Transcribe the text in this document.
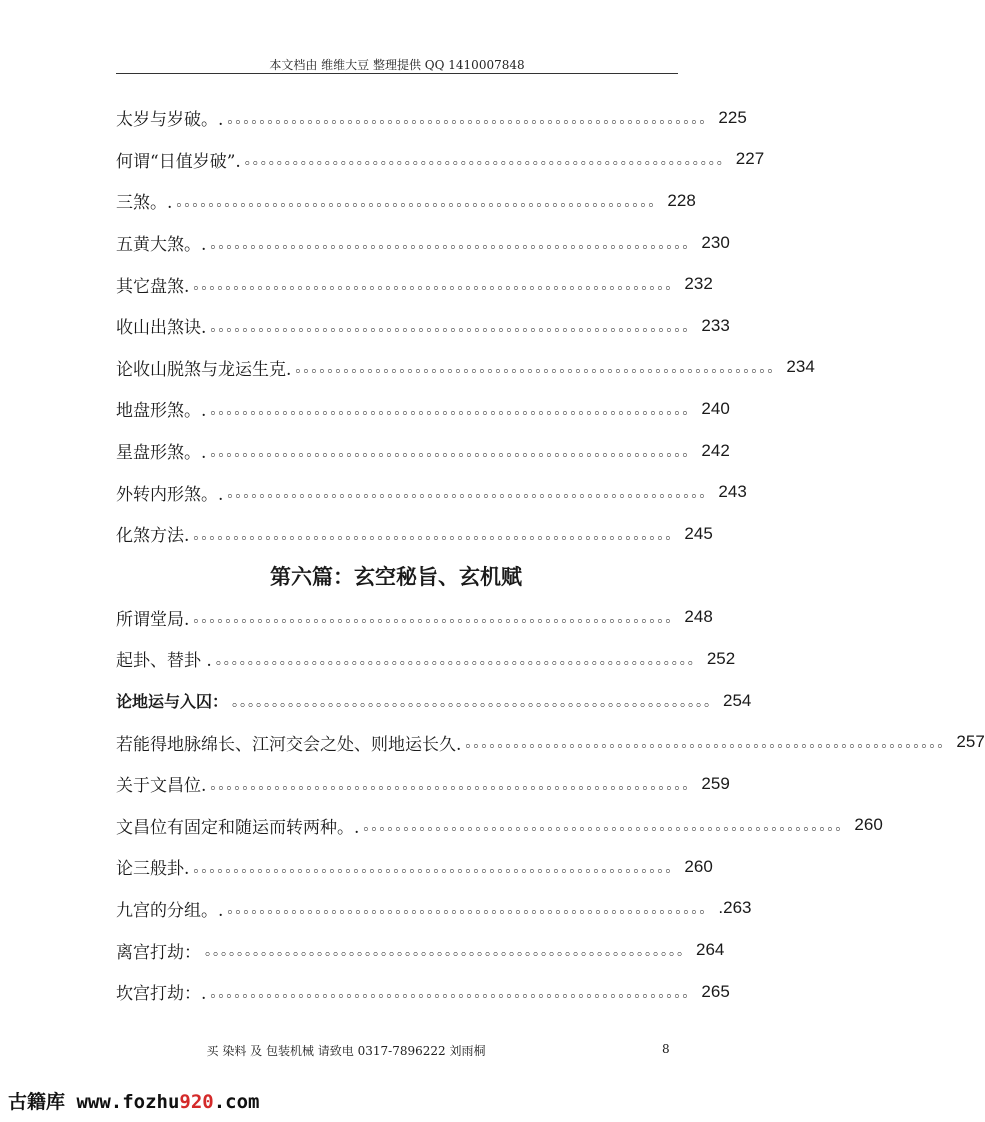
本文档由 维维大豆 整理提供 QQ 1410007848
太岁与岁破。. 。。。。。。。。。。。。。。。。。。。。。。。。。。。。。。。。。。。。。。。。。。。。。。。。。。。。。。。。。。。。 225
何谓“日值岁破”. 。。。。。。。。。。。。。。。。。。。。。。。。。。。。。。。。。。。。。。。。。。。。。。。。。。。。。。。。。。。。 227
三煞。. 。。。。。。。。。。。。。。。。。。。。。。。。。。。。。。。。。。。。。。。。。。。。。。。。。。。。。。。。。。。。 228
五黄大煞。. 。。。。。。。。。。。。。。。。。。。。。。。。。。。。。。。。。。。。。。。。。。。。。。。。。。。。。。。。。。。。 230
其它盘煞. 。。。。。。。。。。。。。。。。。。。。。。。。。。。。。。。。。。。。。。。。。。。。。。。。。。。。。。。。。。。。 232
收山出煞诀. 。。。。。。。。。。。。。。。。。。。。。。。。。。。。。。。。。。。。。。。。。。。。。。。。。。。。。。。。。。。。 233
论收山脱煞与龙运生克. 。。。。。。。。。。。。。。。。。。。。。。。。。。。。。。。。。。。。。。。。。。。。。。。。。。。。。。。。。。。。 234
地盘形煞。. 。。。。。。。。。。。。。。。。。。。。。。。。。。。。。。。。。。。。。。。。。。。。。。。。。。。。。。。。。。。。 240
星盘形煞。. 。。。。。。。。。。。。。。。。。。。。。。。。。。。。。。。。。。。。。。。。。。。。。。。。。。。。。。。。。。。。 242
外转内形煞。. 。。。。。。。。。。。。。。。。。。。。。。。。。。。。。。。。。。。。。。。。。。。。。。。。。。。。。。。。。。。。 243
化煞方法. 。。。。。。。。。。。。。。。。。。。。。。。。。。。。。。。。。。。。。。。。。。。。。。。。。。。。。。。。。。。。 245
第六篇：玄空秘旨、玄机赋
所谓堂局. 。。。。。。。。。。。。。。。。。。。。。。。。。。。。。。。。。。。。。。。。。。。。。。。。。。。。。。。。。。。。 248
起卦、替卦 . 。。。。。。。。。。。。。。。。。。。。。。。。。。。。。。。。。。。。。。。。。。。。。。。。。。。。。。。。。。。。 252
论地运与入囚： 。。。。。。。。。。。。。。。。。。。。。。。。。。。。。。。。。。。。。。。。。。。。。。。。。。。。。。。。。。。。 254
若能得地脉绵长、江河交会之处、则地运长久. 。。。。。。。。。。。。。。。。。。。。。。。。。。。。。。。。。。。。。。。。。。。。。。。。。。。。。。。。。。。。 257
关于文昌位. 。。。。。。。。。。。。。。。。。。。。。。。。。。。。。。。。。。。。。。。。。。。。。。。。。。。。。。。。。。。。 259
文昌位有固定和随运而转两种。. 。。。。。。。。。。。。。。。。。。。。。。。。。。。。。。。。。。。。。。。。。。。。。。。。。。。。。。。。。。。。 260
论三般卦. 。。。。。。。。。。。。。。。。。。。。。。。。。。。。。。。。。。。。。。。。。。。。。。。。。。。。。。。。。。。。 260
九宫的分组。. 。。。。。。。。。。。。。。。。。。。。。。。。。。。。。。。。。。。。。。。。。。。。。。。。。。。。。。。。。。。。 .263
离宫打劫： 。。。。。。。。。。。。。。。。。。。。。。。。。。。。。。。。。。。。。。。。。。。。。。。。。。。。。。。。。。。。 264
坎宫打劫：. 。。。。。。。。。。。。。。。。。。。。。。。。。。。。。。。。。。。。。。。。。。。。。。。。。。。。。。。。。。。。 265
买 染料 及 包装机械 请致电 0317-7896222 刘雨桐	8
古籍库 www.fozhu920.com
